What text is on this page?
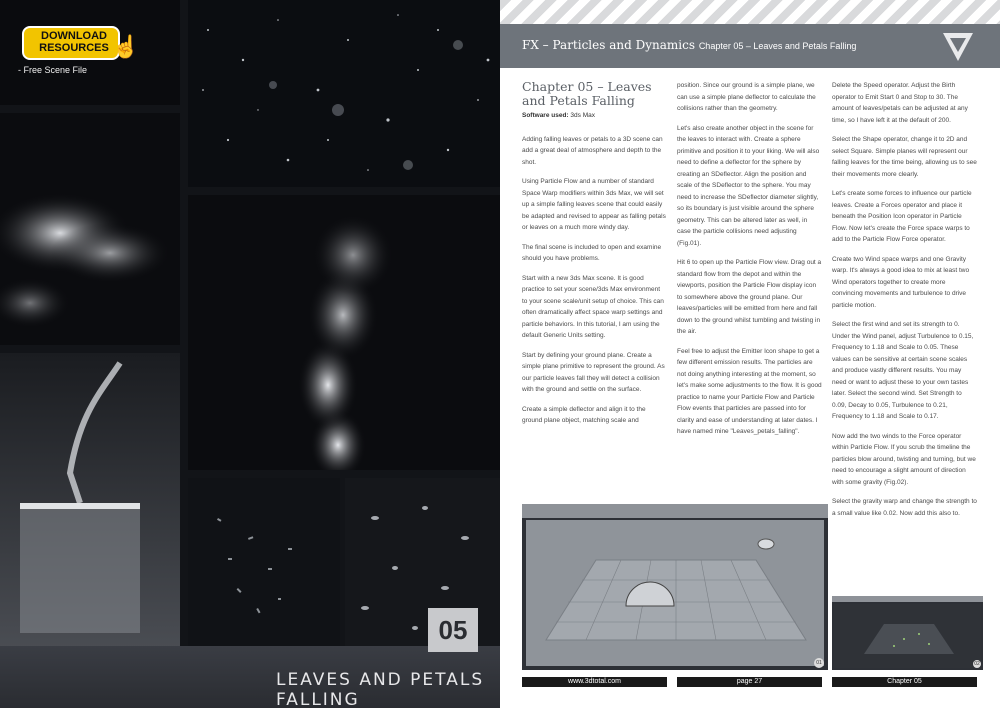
DOWNLOAD RESOURCES ☝
- Free Scene File
05
LEAVES AND PETALS FALLING
FX – Particles and Dynamics Chapter 05 – Leaves and Petals Falling
Chapter 05 – Leaves and Petals Falling
Software used: 3ds Max

Adding falling leaves or petals to a 3D scene can add a great deal of atmosphere and depth to the shot.

Using Particle Flow and a number of standard Space Warp modifiers within 3ds Max, we will set up a simple falling leaves scene that could easily be adapted and revised to appear as falling petals or leaves on a much more windy day.

The final scene is included to open and examine should you have problems.

Start with a new 3ds Max scene. It is good practice to set your scene/3ds Max environment to your scene scale/unit setup of choice. This can often dramatically affect space warp settings and particle behaviors. In this tutorial, I am using the default Generic Units setting.

Start by defining your ground plane. Create a simple plane primitive to represent the ground. As our particle leaves fall they will detect a collision with the ground and settle on the surface.

Create a simple deflector and align it to the ground plane object, matching scale and

position. Since our ground is a simple plane, we can use a simple plane deflector to calculate the collisions rather than the geometry.

Let's also create another object in the scene for the leaves to interact with. Create a sphere primitive and position it to your liking. We will also need to define a deflector for the sphere by creating an SDeflector. Align the position and scale of the SDeflector to the sphere. You may need to increase the SDeflector diameter slightly, so its boundary is just visible around the sphere geometry. This can be altered later as well, in case the particle collisions need adjusting (Fig.01).

Hit 6 to open up the Particle Flow view. Drag out a standard flow from the depot and within the viewports, position the Particle Flow display icon to somewhere above the ground plane. Our leaves/particles will be emitted from here and fall down to the ground whilst tumbling and twisting in the air.

Feel free to adjust the Emitter Icon shape to get a few different emission results. The particles are not doing anything interesting at the moment, so let's make some adjustments to the flow. It is good practice to name your Particle Flow and Particle Flow events that particles are passed into for clarity and ease of understanding at later dates. I have named mine "Leaves_petals_falling".

Delete the Speed operator. Adjust the Birth operator to Emit Start 0 and Stop to 30. The amount of leaves/petals can be adjusted at any time, so I have left it at the default of 200.

Select the Shape operator, change it to 2D and select Square. Simple planes will represent our falling leaves for the time being, allowing us to see their movements more clearly.

Let's create some forces to influence our particle leaves. Create a Forces operator and place it beneath the Position Icon operator in Particle Flow. Now let's create the Force space warps to add to the Particle Flow Force operator.

Create two Wind space warps and one Gravity warp. It's always a good idea to mix at least two Wind operators together to create more convincing movements and turbulence to drive particle motion.

Select the first wind and set its strength to 0. Under the Wind panel, adjust Turbulence to 0.15, Frequency to 1.18 and Scale to 0.05. These values can be sensitive at certain scene scales and produce vastly different results. You may need or want to adjust these to your own tastes later. Select the second wind. Set Strength to 0.09, Decay to 0.05, Turbulence to 0.21, Frequency to 1.18 and Scale to 0.17.

Now add the two winds to the Force operator within Particle Flow. If you scrub the timeline the particles blow around, twisting and turning, but we need to encourage a slight amount of direction with some gravity (Fig.02).

Select the gravity warp and change the strength to a small value like 0.02. Now add this also to.

01	02
www.3dtotal.com	page 27	Chapter 05
